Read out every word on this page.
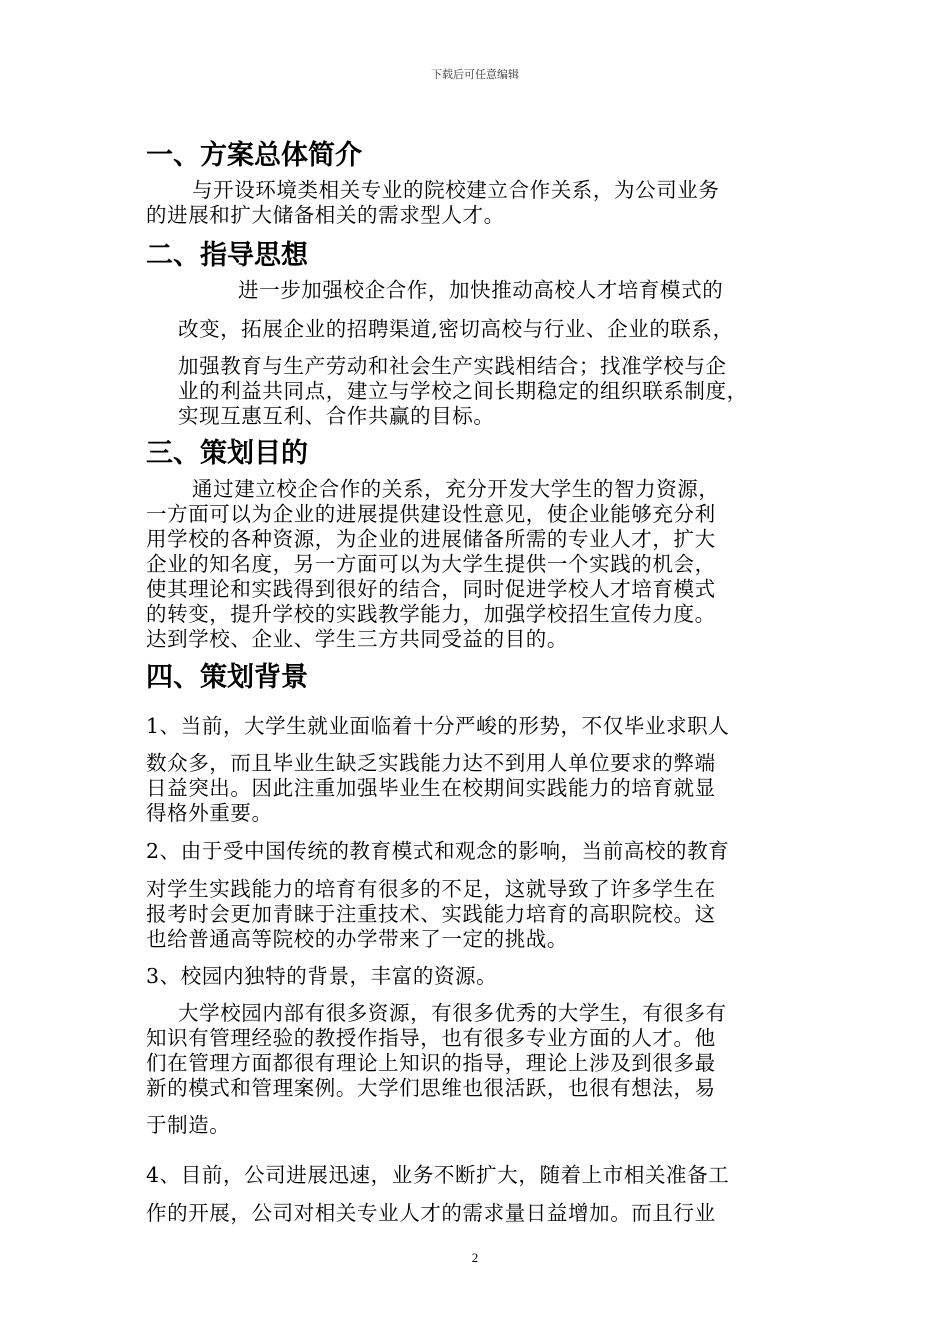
下载后可任意编辑
一、方案总体简介
与开设环境类相关专业的院校建立合作关系，为公司业务
的进展和扩大储备相关的需求型人才。
二、指导思想
进一步加强校企合作，加快推动高校人才培育模式的
改变，拓展企业的招聘渠道,密切高校与行业、企业的联系，
加强教育与生产劳动和社会生产实践相结合；找准学校与企
业的利益共同点，建立与学校之间长期稳定的组织联系制度，
实现互惠互利、合作共赢的目标。
三、策划目的
通过建立校企合作的关系，充分开发大学生的智力资源，
一方面可以为企业的进展提供建设性意见，使企业能够充分利
用学校的各种资源，为企业的进展储备所需的专业人才，扩大
企业的知名度，另一方面可以为大学生提供一个实践的机会，
使其理论和实践得到很好的结合，同时促进学校人才培育模式
的转变，提升学校的实践教学能力，加强学校招生宣传力度。
达到学校、企业、学生三方共同受益的目的。
四、策划背景
1、当前，大学生就业面临着十分严峻的形势，不仅毕业求职人
数众多，而且毕业生缺乏实践能力达不到用人单位要求的弊端
日益突出。因此注重加强毕业生在校期间实践能力的培育就显
得格外重要。
2、由于受中国传统的教育模式和观念的影响，当前高校的教育
对学生实践能力的培育有很多的不足，这就导致了许多学生在
报考时会更加青睐于注重技术、实践能力培育的高职院校。这
也给普通高等院校的办学带来了一定的挑战。
3、校园内独特的背景，丰富的资源。
大学校园内部有很多资源，有很多优秀的大学生，有很多有
知识有管理经验的教授作指导，也有很多专业方面的人才。他
们在管理方面都很有理论上知识的指导，理论上涉及到很多最
新的模式和管理案例。大学们思维也很活跃，也很有想法，易
于制造。
4、目前，公司进展迅速，业务不断扩大，随着上市相关准备工
作的开展，公司对相关专业人才的需求量日益增加。而且行业
2
